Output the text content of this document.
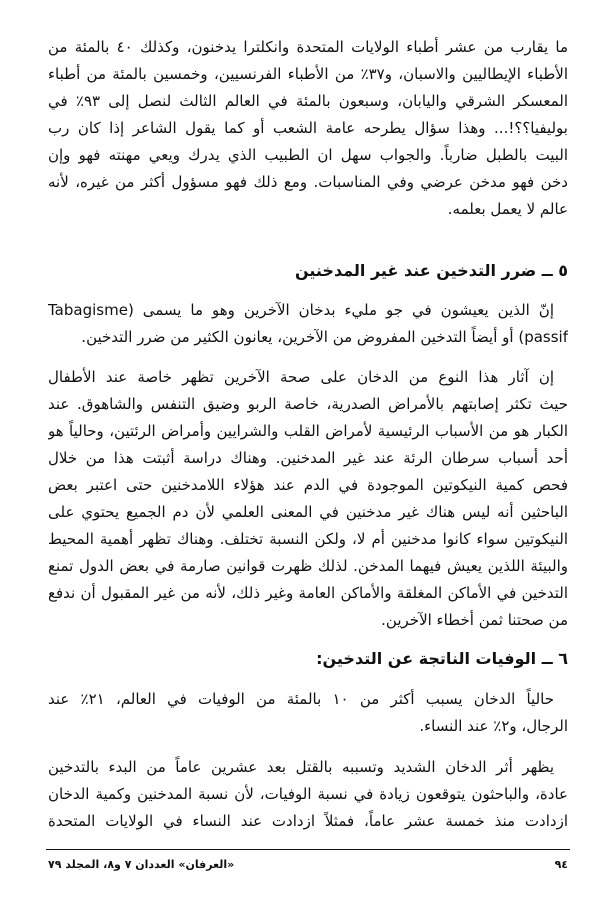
ما يقارب من عشر أطباء الولايات المتحدة وانكلترا يدخنون، وكذلك ٤٠ بالمئة من
الأطباء الإيطاليين والاسبان، و٣٧٪ من الأطباء الفرنسيين، وخمسين بالمئة من أطباء
المعسكر الشرقي واليابان، وسبعون بالمئة في العالم الثالث لنصل إلى ٩٣٪ في
بوليفيا؟؟!... وهذا سؤال يطرحه عامة الشعب أو كما يقول الشاعر إذا كان رب
البيت بالطبل ضارباً. والجواب سهل ان الطبيب الذي يدرك ويعي مهنته فهو وإن
دخن فهو مدخن عرضي وفي المناسبات. ومع ذلك فهو مسؤول أكثر من غيره، لأنه
عالم لا يعمل بعلمه.
٥ ــ ضرر التدخين عند غير المدخنين
إنّ الذين يعيشون في جو مليء بدخان الآخرين وهو ما يسمى (Tabagisme
passif) أو أيضاً التدخين المفروض من الآخرين، يعانون الكثير من ضرر التدخين.
إن آثار هذا النوع من الدخان على صحة الآخرين تظهر خاصة عند الأطفال
حيث تكثر إصابتهم بالأمراض الصدرية، خاصة الربو وضيق التنفس والشاهوق. عند
الكبار هو من الأسباب الرئيسية لأمراض القلب والشرايين وأمراض الرئتين، وحالياً هو
أحد أسباب سرطان الرئة عند غير المدخنين. وهناك دراسة أثبتت هذا من خلال
فحص كمية النيكوتين الموجودة في الدم عند هؤلاء اللامدخنين حتى اعتبر بعض
الباحثين أنه ليس هناك غير مدخنين في المعنى العلمي لأن دم الجميع يحتوي على
النيكوتين سواء كانوا مدخنين أم لا، ولكن النسبة تختلف. وهناك تظهر أهمية المحيط
والبيئة اللذين يعيش فيهما المدخن. لذلك ظهرت قوانين صارمة في بعض الدول تمنع
التدخين في الأماكن المغلقة والأماكن العامة وغير ذلك، لأنه من غير المقبول أن ندفع
من صحتنا ثمن أخطاء الآخرين.
٦ ــ الوفيات الناتجة عن التدخين:
حالياً الدخان يسبب أكثر من ١٠ بالمئة من الوفيات في العالم، ٢١٪ عند
الرجال، و٢٪ عند النساء.
يظهر أثر الدخان الشديد وتسببه بالقتل بعد عشرين عاماً من البدء بالتدخين
عادة، والباحثون يتوقعون زيادة في نسبة الوفيات، لأن نسبة المدخنين وكمية الدخان
ازدادت منذ خمسة عشر عاماً، فمثلاً ازدادت عند النساء في الولايات المتحدة
٩٤
«العرفان» العددان ٧ و٨، المجلد ٧٩
